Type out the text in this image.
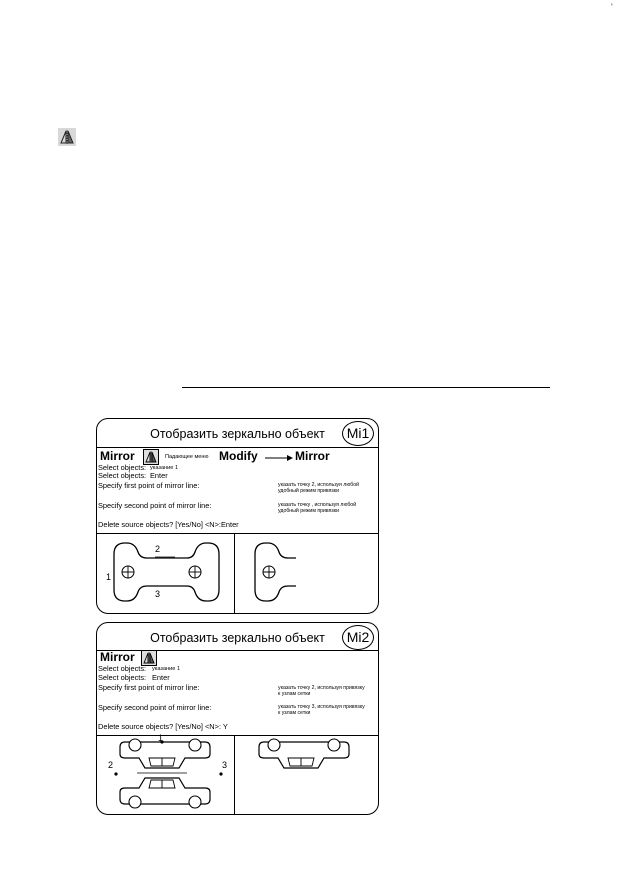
'
Отобразить зеркально объект	Mi1
Mirror	Падающее меню Modify	Mirror
Select objects: указание 1
Select objects: Enter
Specify first point of mirror line:	указать точку 2, используя любой
удобный режим привязки
Specify second point of mirror line:	указать точку , используя любой
удобный режим привязки
Delete source objects? [Yes/No] <N>:Enter
1
2
3
Отобразить зеркально объект	Mi2
Mirror
Select objects: указание 1
Select objects: Enter
Specify first point of mirror line:	указать точку 2, используя привязку
к узлам сетки
Specify second point of mirror line:	указать точку 3, используя привязку
к узлам сетки
Delete source objects? [Yes/No] <N>: Y
1
2	3
